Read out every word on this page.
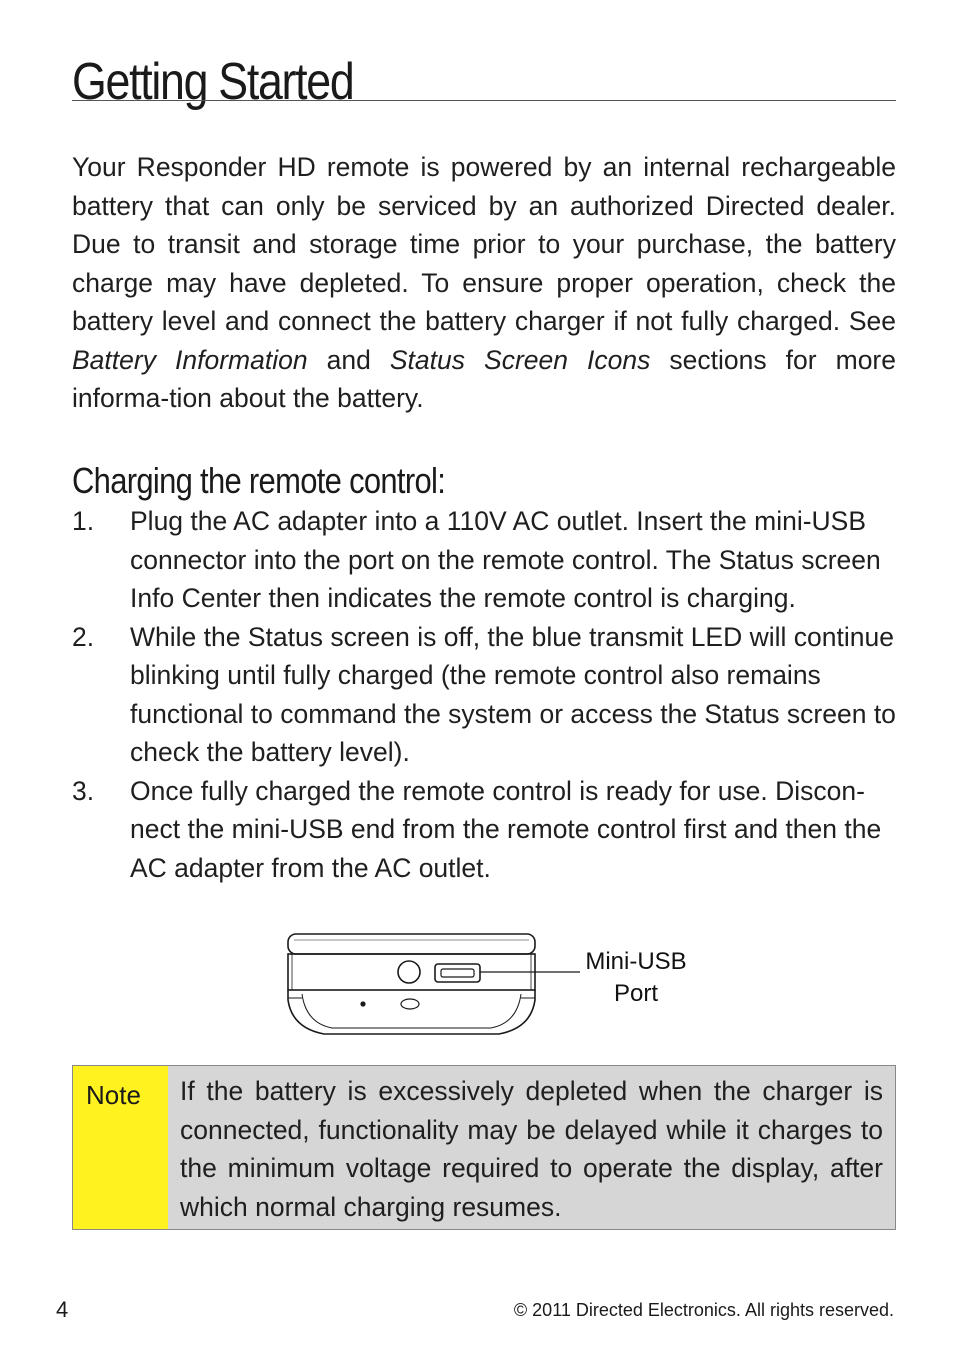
Getting Started

Your Responder HD remote is powered by an internal rechargeable battery that can only be serviced by an authorized Directed dealer. Due to transit and storage time prior to your purchase, the battery charge may have depleted. To ensure proper operation, check the battery level and connect the battery charger if not fully charged. See Battery Information and Status Screen Icons sections for more informa-tion about the battery.

Charging the remote control:
1.	Plug the AC adapter into a 110V AC outlet. Insert the mini-USB connector into the port on the remote control. The Status screen Info Center then indicates the remote control is charging.
2.	While the Status screen is off, the blue transmit LED will continue blinking until fully charged (the remote control also remains functional to command the system or access the Status screen to check the battery level).
3.	Once fully charged the remote control is ready for use. Discon-nect the mini-USB end from the remote control first and then the AC adapter from the AC outlet.
Mini-USB
Port
Note	If the battery is excessively depleted when the charger is connected, functionality may be delayed while it charges to the minimum voltage required to operate the display, after which normal charging resumes.
4	© 2011 Directed Electronics. All rights reserved.
